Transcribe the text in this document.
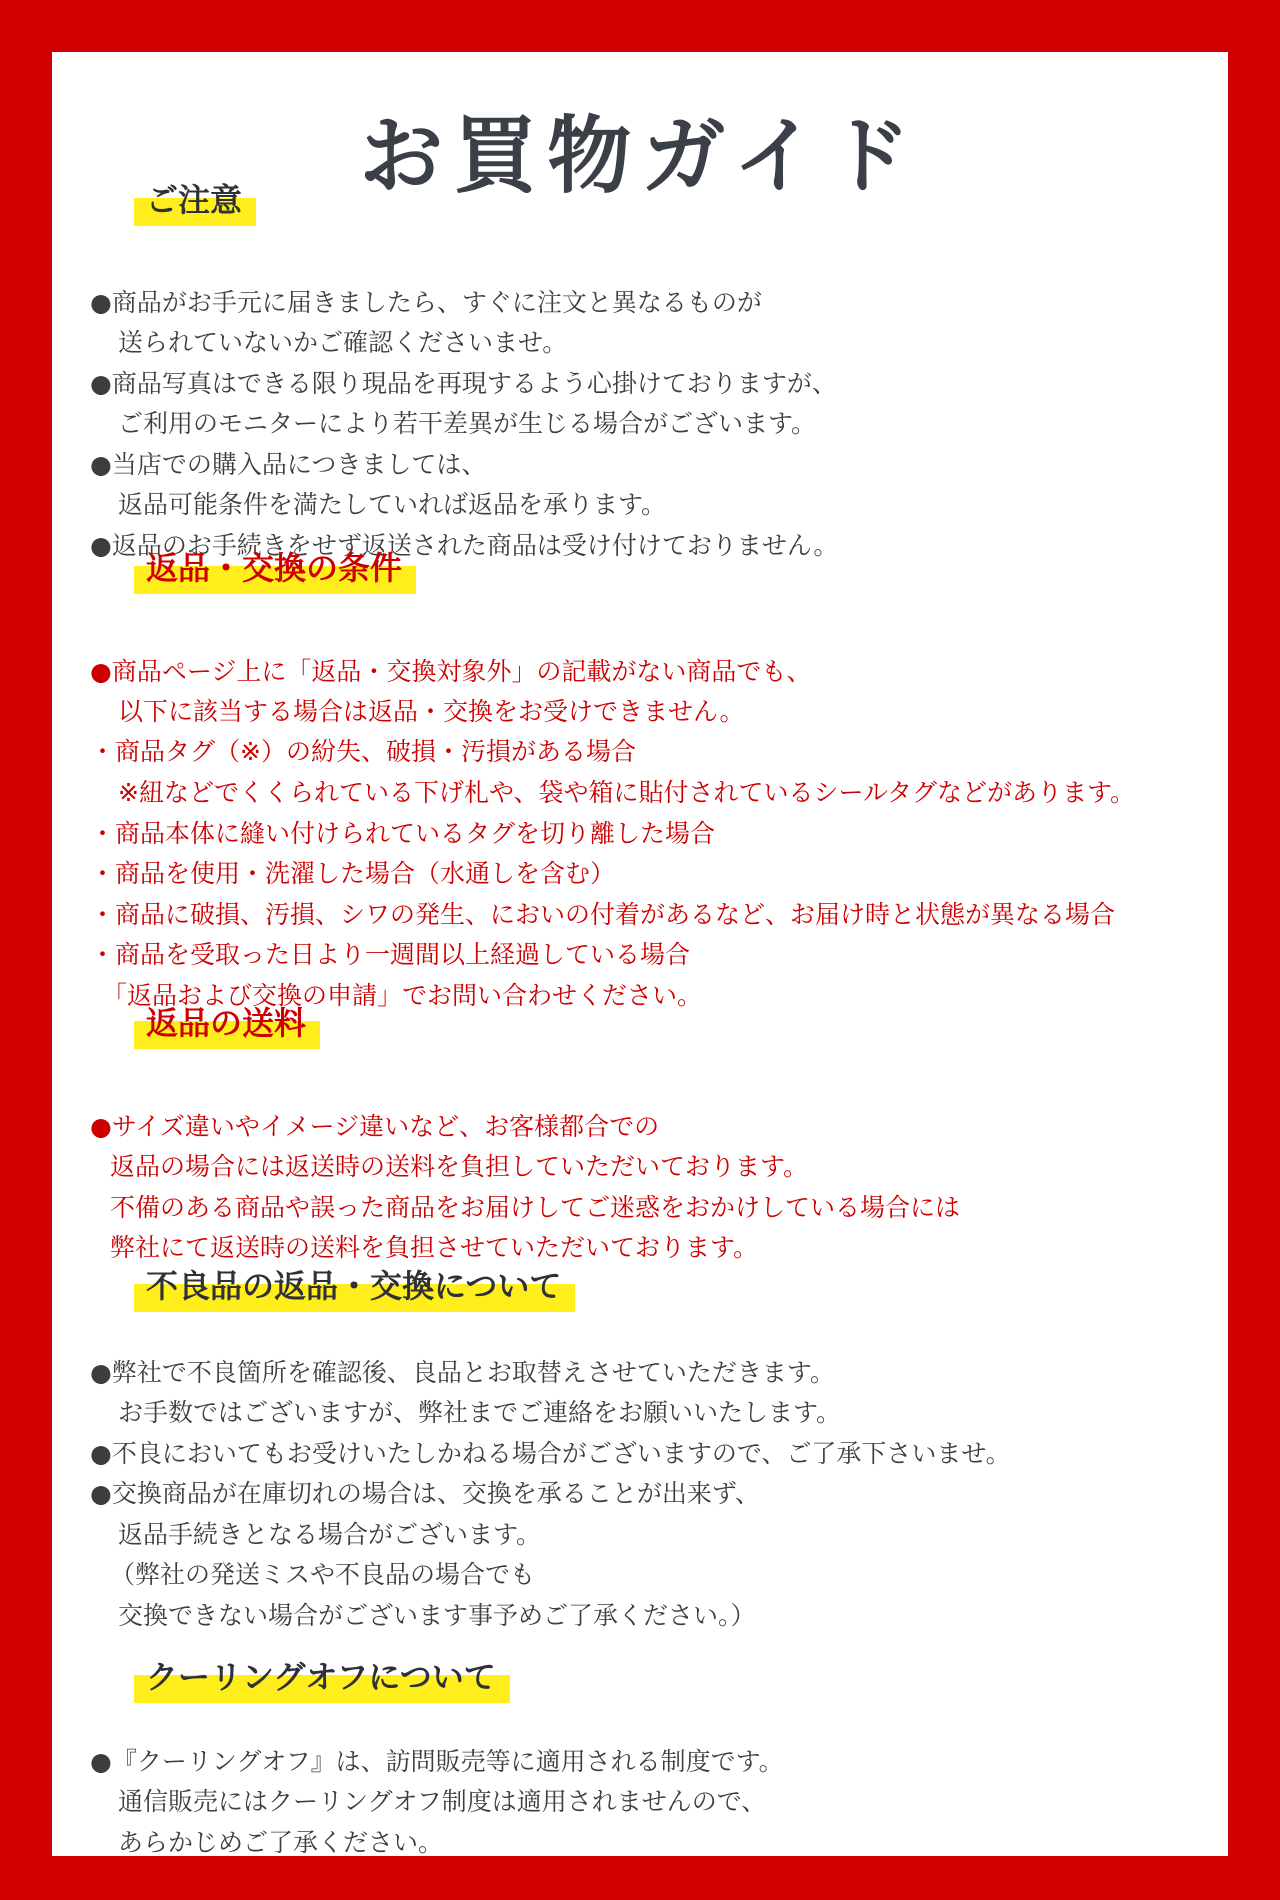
お買物ガイド
ご注意
●商品がお手元に届きましたら、すぐに注文と異なるものが
送られていないかご確認くださいませ。
●商品写真はできる限り現品を再現するよう心掛けておりますが、
ご利用のモニターにより若干差異が生じる場合がございます。
●当店での購入品につきましては、
返品可能条件を満たしていれば返品を承ります。
●返品のお手続きをせず返送された商品は受け付けておりません。
返品・交換の条件
●商品ページ上に「返品・交換対象外」の記載がない商品でも、
以下に該当する場合は返品・交換をお受けできません。
・商品タグ（※）の紛失、破損・汚損がある場合
※紐などでくくられている下げ札や、袋や箱に貼付されているシールタグなどがあります。
・商品本体に縫い付けられているタグを切り離した場合
・商品を使用・洗濯した場合（水通しを含む）
・商品に破損、汚損、シワの発生、においの付着があるなど、お届け時と状態が異なる場合
・商品を受取った日より一週間以上経過している場合
「返品および交換の申請」でお問い合わせください。
返品の送料
●サイズ違いやイメージ違いなど、お客様都合での
返品の場合には返送時の送料を負担していただいております。
不備のある商品や誤った商品をお届けしてご迷惑をおかけしている場合には
弊社にて返送時の送料を負担させていただいております。
不良品の返品・交換について
●弊社で不良箇所を確認後、良品とお取替えさせていただきます。
お手数ではございますが、弊社までご連絡をお願いいたします。
●不良においてもお受けいたしかねる場合がございますので、ご了承下さいませ。
●交換商品が在庫切れの場合は、交換を承ることが出来ず、
返品手続きとなる場合がございます。
（弊社の発送ミスや不良品の場合でも
交換できない場合がございます事予めご了承ください。）
クーリングオフについて
●『クーリングオフ』は、訪問販売等に適用される制度です。
通信販売にはクーリングオフ制度は適用されませんので、
あらかじめご了承ください。
